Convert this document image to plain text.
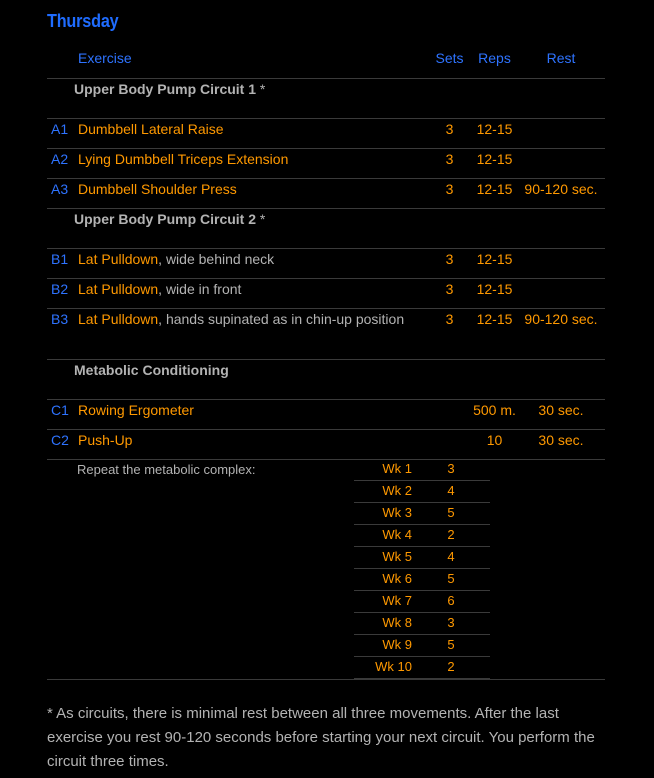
Thursday
	Exercise	Sets	Reps	Rest
Upper Body Pump Circuit 1 *
A1	Dumbbell Lateral Raise	3	12-15	
A2	Lying Dumbbell Triceps Extension	3	12-15	
A3	Dumbbell Shoulder Press	3	12-15	90-120 sec.
Upper Body Pump Circuit 2 *
B1	Lat Pulldown, wide behind neck	3	12-15	
B2	Lat Pulldown, wide in front	3	12-15	
B3	Lat Pulldown, hands supinated as in chin-up position	3	12-15	90-120 sec.
Metabolic Conditioning
C1	Rowing Ergometer		500 m.	30 sec.
C2	Push-Up		10	30 sec.

Repeat the metabolic complex:	Wk 1	3
Wk 2	4
Wk 3	5
Wk 4	2
Wk 5	4
Wk 6	5
Wk 7	6
Wk 8	3
Wk 9	5
Wk 10	2

* As circuits, there is minimal rest between all three movements. After the last exercise you rest 90-120 seconds before starting your next circuit. You perform the circuit three times.
